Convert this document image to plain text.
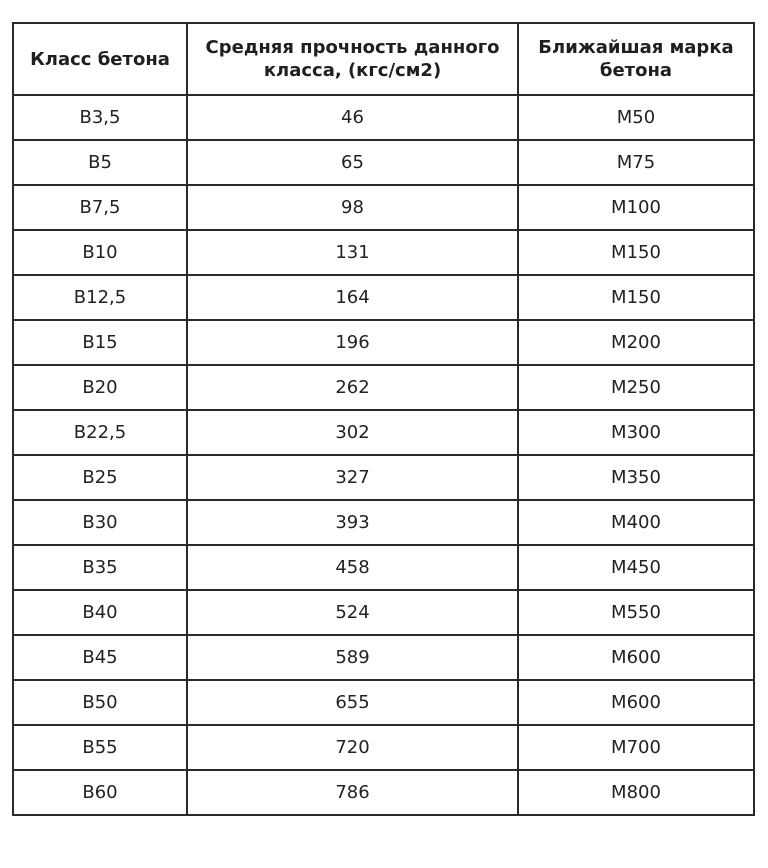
Класс бетона	Средняя прочность данного класса, (кгс/см2)	Ближайшая марка бетона
B3,5	46	M50
B5	65	M75
B7,5	98	M100
B10	131	M150
B12,5	164	M150
B15	196	M200
B20	262	M250
B22,5	302	M300
B25	327	M350
B30	393	M400
B35	458	M450
B40	524	M550
B45	589	M600
B50	655	M600
B55	720	M700
B60	786	M800
